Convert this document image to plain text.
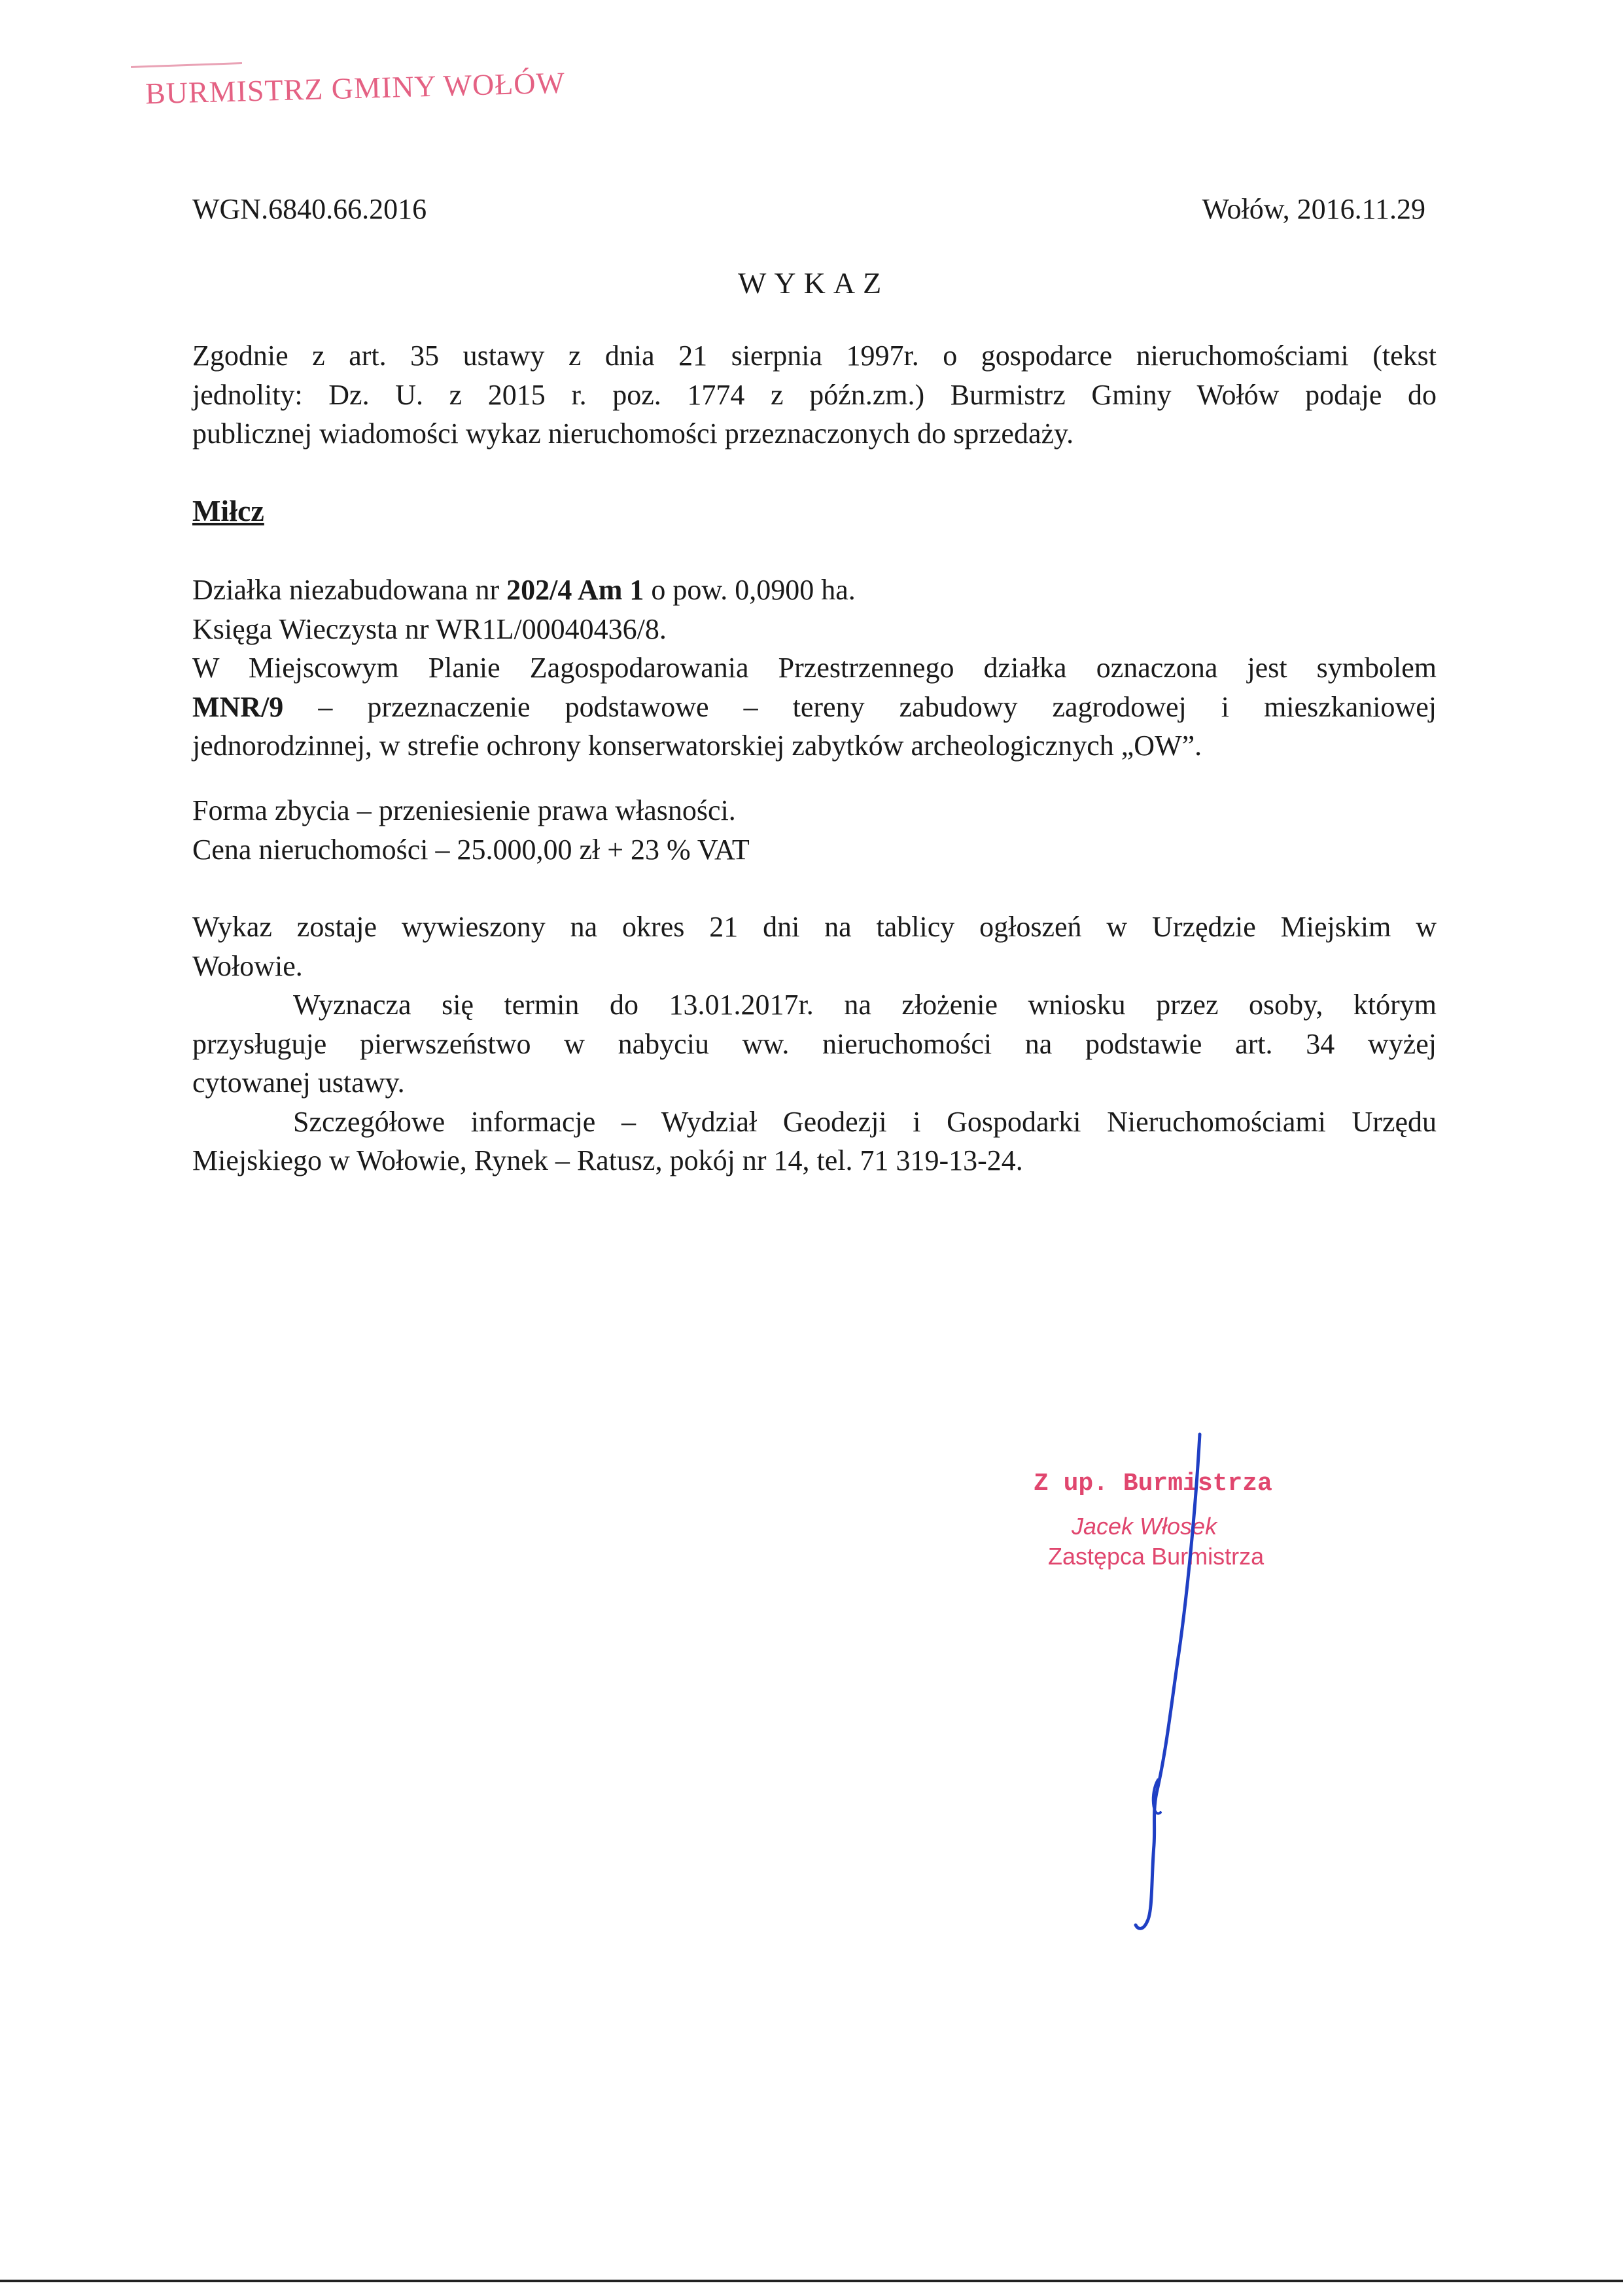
BURMISTRZ GMINY WOŁÓW
WGN.6840.66.2016	Wołów, 2016.11.29
WYKAZ
Zgodnie z art. 35 ustawy z dnia 21 sierpnia 1997r. o gospodarce nieruchomościami (tekst
jednolity: Dz. U. z 2015 r. poz. 1774 z późn.zm.) Burmistrz Gminy Wołów podaje do
publicznej wiadomości wykaz nieruchomości przeznaczonych do sprzedaży.
Miłcz
Działka niezabudowana nr 202/4 Am 1 o pow. 0,0900 ha.
Księga Wieczysta nr WR1L/00040436/8.
W Miejscowym Planie Zagospodarowania Przestrzennego działka oznaczona jest symbolem
MNR/9 – przeznaczenie podstawowe – tereny zabudowy zagrodowej i mieszkaniowej
jednorodzinnej, w strefie ochrony konserwatorskiej zabytków archeologicznych „OW”.
Forma zbycia – przeniesienie prawa własności.
Cena nieruchomości – 25.000,00 zł + 23 % VAT
Wykaz zostaje wywieszony na okres 21 dni na tablicy ogłoszeń w Urzędzie Miejskim w
Wołowie.
Wyznacza się termin do 13.01.2017r. na złożenie wniosku przez osoby, którym
przysługuje pierwszeństwo w nabyciu ww. nieruchomości na podstawie art. 34 wyżej
cytowanej ustawy.
Szczegółowe informacje – Wydział Geodezji i Gospodarki Nieruchomościami Urzędu
Miejskiego w Wołowie, Rynek – Ratusz, pokój nr 14, tel. 71 319-13-24.
Z up. Burmistrza
Jacek Włosek
Zastępca Burmistrza
